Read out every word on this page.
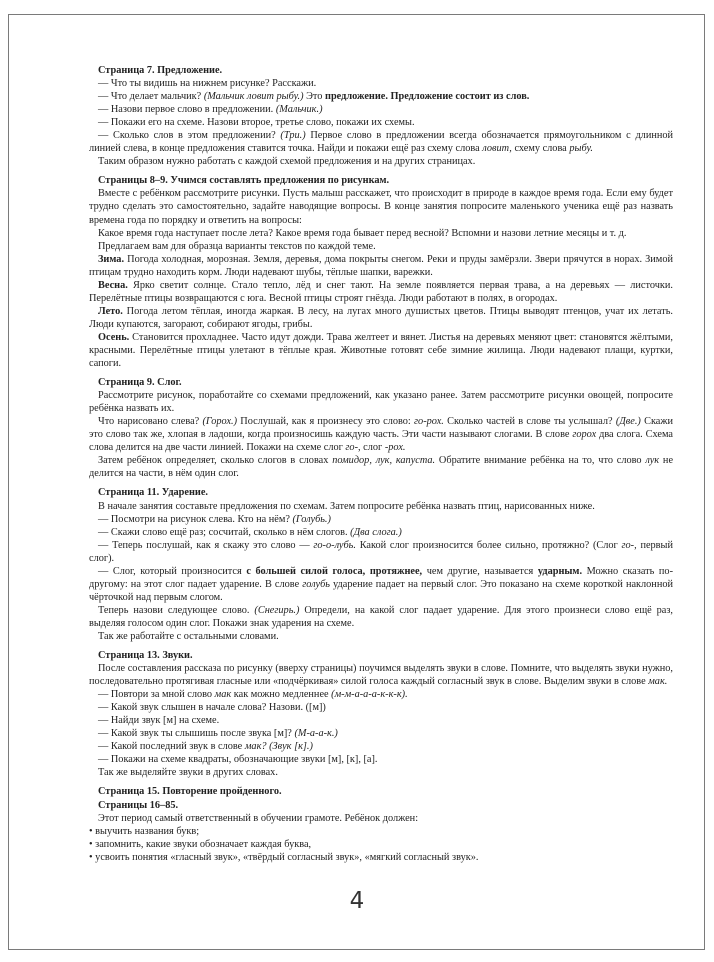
Страница 7. Предложение.
— Что ты видишь на нижнем рисунке? Расскажи.
— Что делает мальчик? (Мальчик ловит рыбу.) Это предложение. Предложение состоит из слов.
— Назови первое слово в предложении. (Мальчик.)
— Покажи его на схеме. Назови второе, третье слово, покажи их схемы.
— Сколько слов в этом предложении? (Три.) Первое слово в предложении всегда обозначается прямоугольником с длинной линией слева, в конце предложения ставится точка. Найди и покажи ещё раз схему слова ловит, схему слова рыбу.
Таким образом нужно работать с каждой схемой предложения и на других страницах.
Страницы 8–9. Учимся составлять предложения по рисункам.
Вместе с ребёнком рассмотрите рисунки. Пусть малыш расскажет, что происходит в природе в каждое время года. Если ему будет трудно сделать это самостоятельно, задайте наводящие вопросы. В конце занятия попросите маленького ученика ещё раз назвать времена года по порядку и ответить на вопросы:
Какое время года наступает после лета? Какое время года бывает перед весной? Вспомни и назови летние месяцы и т. д.
Предлагаем вам для образца варианты текстов по каждой теме.
Зима. Погода холодная, морозная. Земля, деревья, дома покрыты снегом. Реки и пруды замёрзли. Звери прячутся в норах. Зимой птицам трудно находить корм. Люди надевают шубы, тёплые шапки, варежки.
Весна. Ярко светит солнце. Стало тепло, лёд и снег тают. На земле появляется первая трава, а на деревьях — листочки. Перелётные птицы возвращаются с юга. Весной птицы строят гнёзда. Люди работают в полях, в огородах.
Лето. Погода летом тёплая, иногда жаркая. В лесу, на лугах много душистых цветов. Птицы выводят птенцов, учат их летать. Люди купаются, загорают, собирают ягоды, грибы.
Осень. Становится прохладнее. Часто идут дожди. Трава желтеет и вянет. Листья на деревьях меняют цвет: становятся жёлтыми, красными. Перелётные птицы улетают в тёплые края. Животные готовят себе зимние жилища. Люди надевают плащи, куртки, сапоги.
Страница 9. Слог.
Рассмотрите рисунок, поработайте со схемами предложений, как указано ранее. Затем рассмотрите рисунки овощей, попросите ребёнка назвать их.
Что нарисовано слева? (Горох.) Послушай, как я произнесу это слово: го-рох. Сколько частей в слове ты услышал? (Две.) Скажи это слово так же, хлопая в ладоши, когда произносишь каждую часть. Эти части называют слогами. В слове горох два слога. Схема слова делится на две части линией. Покажи на схеме слог го-, слог -рох.
Затем ребёнок определяет, сколько слогов в словах помидор, лук, капуста. Обратите внимание ребёнка на то, что слово лук не делится на части, в нём один слог.
Страница 11. Ударение.
В начале занятия составьте предложения по схемам. Затем попросите ребёнка назвать птиц, нарисованных ниже.
— Посмотри на рисунок слева. Кто на нём? (Голубь.)
— Скажи слово ещё раз; сосчитай, сколько в нём слогов. (Два слога.)
— Теперь послушай, как я скажу это слово — го-о-лубь. Какой слог произносится более сильно, протяжно? (Слог го-, первый слог).
— Слог, который произносится с большей силой голоса, протяжнее, чем другие, называется ударным. Можно сказать по-другому: на этот слог падает ударение. В слове голубь ударение падает на первый слог. Это показано на схеме короткой наклонной чёрточкой над первым слогом.
Теперь назови следующее слово. (Снегирь.) Определи, на какой слог падает ударение. Для этого произнеси слово ещё раз, выделяя голосом один слог. Покажи знак ударения на схеме.
Так же работайте с остальными словами.
Страница 13. Звуки.
После составления рассказа по рисунку (вверху страницы) поучимся выделять звуки в слове. Помните, что выделять звуки нужно, последовательно протягивая гласные или «подчёркивая» силой голоса каждый согласный звук в слове. Выделим звуки в слове мак.
— Повтори за мной слово мак как можно медленнее (м-м-а-а-а-к-к-к).
— Какой звук слышен в начале слова? Назови. ([м])
— Найди звук [м] на схеме.
— Какой звук ты слышишь после звука [м]? (М-а-а-к.)
— Какой последний звук в слове мак? (Звук [к].)
— Покажи на схеме квадраты, обозначающие звуки [м], [к], [а].
Так же выделяйте звуки в других словах.
Страница 15. Повторение пройденного.
Страницы 16–85.
Этот период самый ответственный в обучении грамоте. Ребёнок должен:
• выучить названия букв;
• запомнить, какие звуки обозначает каждая буква,
• усвоить понятия «гласный звук», «твёрдый согласный звук», «мягкий согласный звук».
4
